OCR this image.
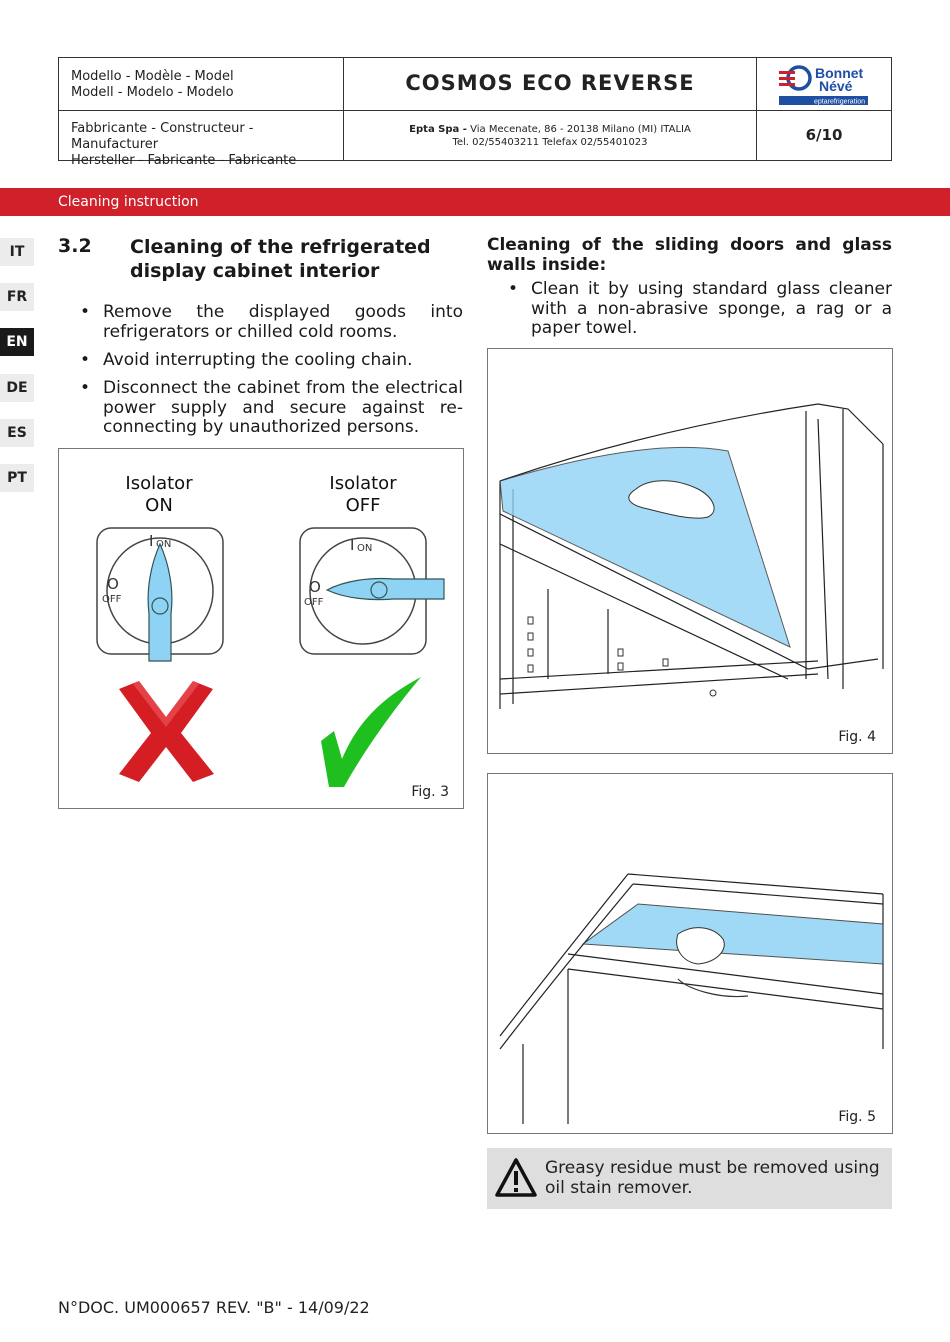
Modello - Modèle - Model
Modell - Modelo - Modelo	COSMOS ECO REVERSE
eptarefrigeration
Bonnet
Névé
Fabbricante - Constructeur - Manufacturer
Hersteller - Fabricante - Fabricante
Epta Spa - Via Mecenate, 86 - 20138 Milano (MI) ITALIA
Tel. 02/55403211 Telefax 02/55401023	6/10
Cleaning instruction
IT
FR
EN
DE
ES
PT
3.2 Cleaning of the refrigerated display cabinet interior
• Remove the displayed goods into refrigerators or chilled cold rooms.
• Avoid interrupting the cooling chain.
• Disconnect the cabinet from the electrical power supply and secure against re-connecting by unauthorized persons.
Isolator
ON
Isolator
OFF
I ON
O
OFF
I ON
O
OFF
Fig. 3
Cleaning of the sliding doors and glass walls inside:
• Clean it by using standard glass cleaner with a non-abrasive sponge, a rag or a paper towel.
Fig. 4
Fig. 5
Greasy residue must be removed using oil stain remover.
N°DOC. UM000657 REV. "B" - 14/09/22
